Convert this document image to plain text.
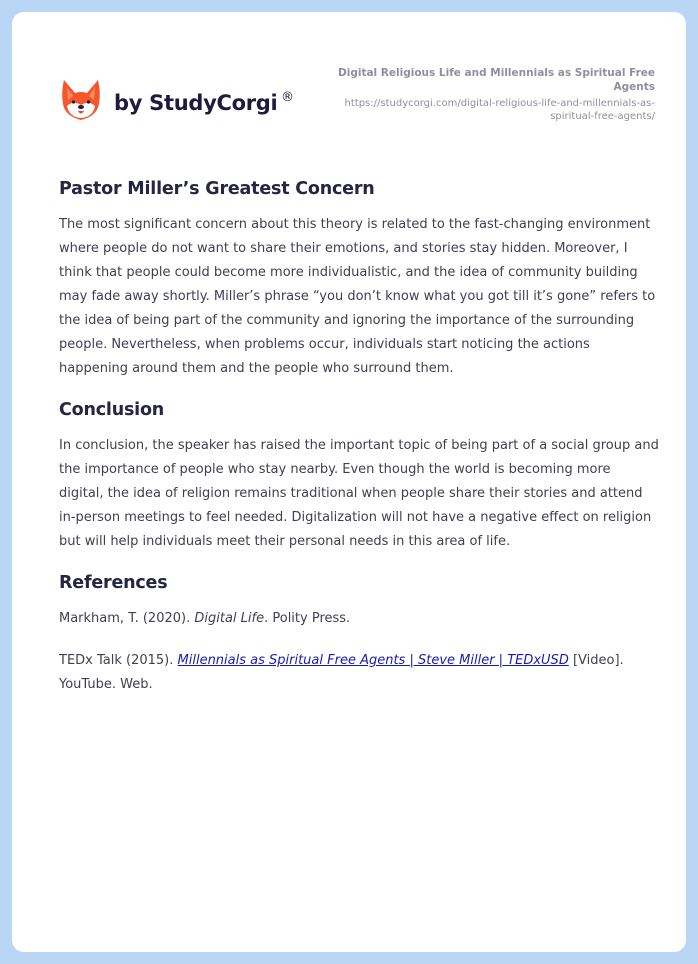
by StudyCorgi ®
Digital Religious Life and Millennials as Spiritual Free Agents
https://studycorgi.com/digital-religious-life-and-millennials-as-spiritual-free-agents/
Pastor Miller’s Greatest Concern

The most significant concern about this theory is related to the fast-changing environment where people do not want to share their emotions, and stories stay hidden. Moreover, I think that people could become more individualistic, and the idea of community building may fade away shortly. Miller’s phrase “you don’t know what you got till it’s gone” refers to the idea of being part of the community and ignoring the importance of the surrounding people. Nevertheless, when problems occur, individuals start noticing the actions happening around them and the people who surround them.

Conclusion

In conclusion, the speaker has raised the important topic of being part of a social group and the importance of people who stay nearby. Even though the world is becoming more digital, the idea of religion remains traditional when people share their stories and attend in-person meetings to feel needed. Digitalization will not have a negative effect on religion but will help individuals meet their personal needs in this area of life.

References

Markham, T. (2020). Digital Life. Polity Press.

TEDx Talk (2015). Millennials as Spiritual Free Agents | Steve Miller | TEDxUSD [Video]. YouTube. Web.
